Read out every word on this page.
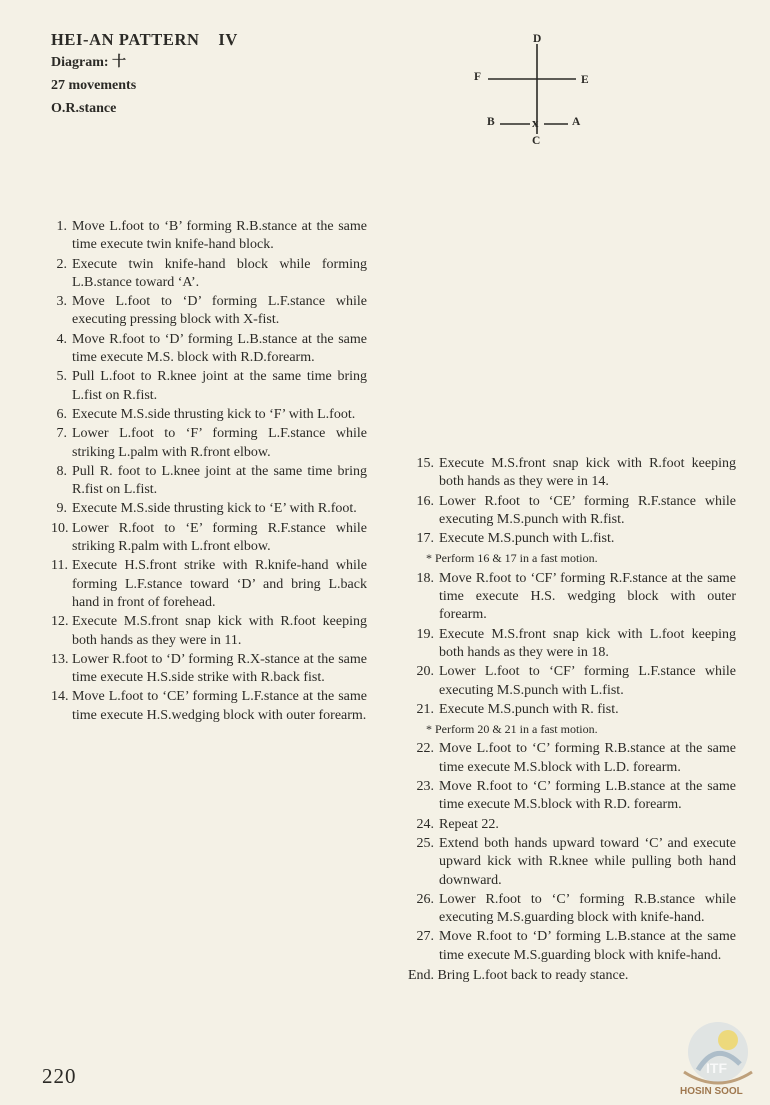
HEI-AN PATTERN    IV
Diagram: ⼗
27 movements
O.R.stance
D
F	E
B	x	A
C
1. Move L.foot to ‘B’ forming R.B.stance at the same time execute twin knife-hand block.
2. Execute twin knife-hand block while forming L.B.stance toward ‘A’.
3. Move L.foot to ‘D’ forming L.F.stance while executing pressing block with X-fist.
4. Move R.foot to ‘D’ forming L.B.stance at the same time execute M.S. block with R.D.forearm.
5. Pull L.foot to R.knee joint at the same time bring L.fist on R.fist.
6. Execute M.S.side thrusting kick to ‘F’ with L.foot.
7. Lower L.foot to ‘F’ forming L.F.stance while striking L.palm with R.front elbow.
8. Pull R. foot to L.knee joint at the same time bring R.fist on L.fist.
9. Execute M.S.side thrusting kick to ‘E’ with R.foot.
10. Lower R.foot to ‘E’ forming R.F.stance while striking R.palm with L.front elbow.
11. Execute H.S.front strike with R.knife-hand while forming L.F.stance toward ‘D’ and bring L.back hand in front of forehead.
12. Execute M.S.front snap kick with R.foot keeping both hands as they were in 11.
13. Lower R.foot to ‘D’ forming R.X-stance at the same time execute H.S.side strike with R.back fist.
14. Move L.foot to ‘CE’ forming L.F.stance at the same time execute H.S.wedging block with outer forearm.
15. Execute M.S.front snap kick with R.foot keeping both hands as they were in 14.
16. Lower R.foot to ‘CE’ forming R.F.stance while executing M.S.punch with R.fist.
17. Execute M.S.punch with L.fist.
* Perform 16 & 17 in a fast motion.
18. Move R.foot to ‘CF’ forming R.F.stance at the same time execute H.S. wedging block with outer forearm.
19. Execute M.S.front snap kick with L.foot keeping both hands as they were in 18.
20. Lower L.foot to ‘CF’ forming L.F.stance while executing M.S.punch with L.fist.
21. Execute M.S.punch with R. fist.
* Perform 20 & 21 in a fast motion.
22. Move L.foot to ‘C’ forming R.B.stance at the same time execute M.S.block with L.D. forearm.
23. Move R.foot to ‘C’ forming L.B.stance at the same time execute M.S.block with R.D. forearm.
24. Repeat 22.
25. Extend both hands upward toward ‘C’ and execute upward kick with R.knee while pulling both hand downward.
26. Lower R.foot to ‘C’ forming R.B.stance while executing M.S.guarding block with knife-hand.
27. Move R.foot to ‘D’ forming L.B.stance at the same time execute M.S.guarding block with knife-hand.
End. Bring L.foot back to ready stance.
220	ITF
HOSIN SOOL
